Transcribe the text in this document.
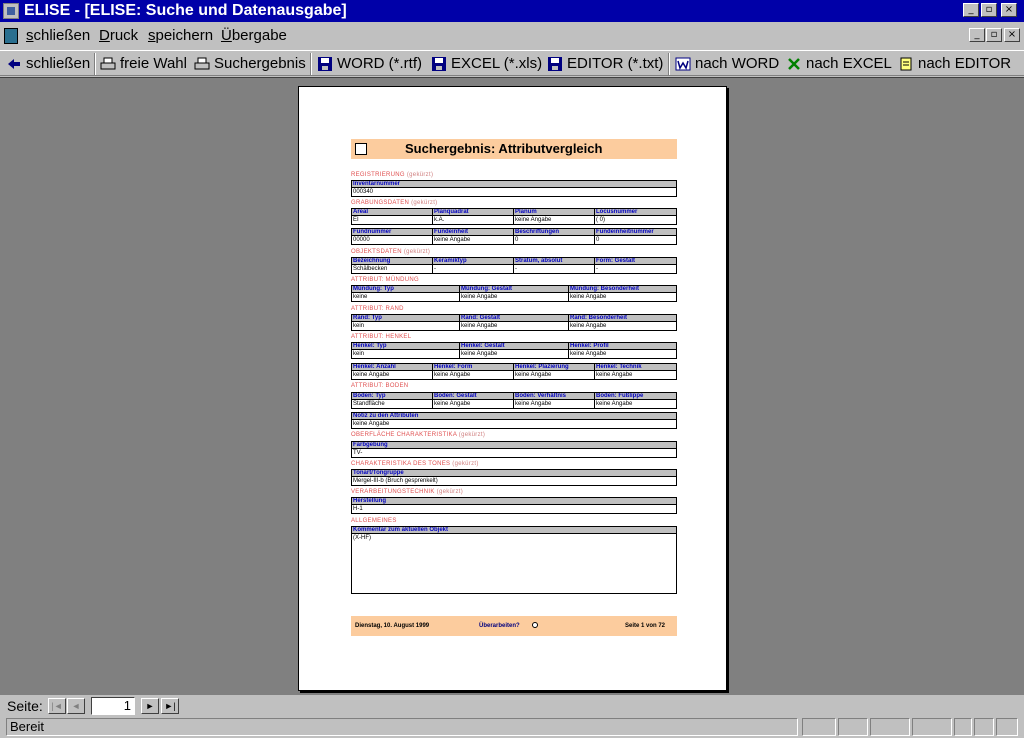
ELISE - [ELISE: Suche und Datenausgabe]	_	▫	×
schließen Druck speichern Übergabe	_	▫	×
schließen freie Wahl Suchergebnis WORD (*.rtf) EXCEL (*.xls) EDITOR (*.txt) nach WORD nach EXCEL nach EDITOR
Suchergebnis: Attributvergleich
REGISTRIERUNG (gekürzt)
Inventarnummer
000340
GRABUNGSDATEN (gekürzt)
Areal	Planquadrat	Planum	Locusnummer
EI	k.A.	keine Angabe	( 0)
Fundnummer	Fundeinheit	Beschriftungen	Fundeinheitnummer
00000	keine Angabe	0	0
OBJEKTSDATEN (gekürzt)
Bezeichnung	Keramiktyp	Stratum, absolut	Form: Gestalt
Schälbecken	-	-	-
ATTRIBUT: MÜNDUNG
Mündung: Typ	Mündung: Gestalt	Mündung: Besonderheit
keine	keine Angabe	keine Angabe
ATTRIBUT: RAND
Rand: Typ	Rand: Gestalt	Rand: Besonderheit
kein	keine Angabe	keine Angabe
ATTRIBUT: HENKEL
Henkel: Typ	Henkel: Gestalt	Henkel: Profil
kein	keine Angabe	keine Angabe
Henkel: Anzahl	Henkel: Form	Henkel: Plazierung	Henkel: Technik
keine Angabe	keine Angabe	keine Angabe	keine Angabe
ATTRIBUT: BODEN
Boden: Typ	Boden: Gestalt	Boden: Verhältnis	Boden: Fußlippe
Standfläche	keine Angabe	keine Angabe	keine Angabe
Notiz zu den Attributen
keine Angabe
OBERFLÄCHE CHARAKTERISTIKA (gekürzt)
Farbgebung
TV-
CHARAKTERISTIKA DES TONES (gekürzt)
Tonart/Tongruppe
Mergel-III-b (Bruch gesprenkelt)
VERARBEITUNGSTECHNIK (gekürzt)
Herstellung
H-1
ALLGEMEINES
Kommentar zum aktuellen Objekt
(X-HF)
Dienstag, 10. August 1999	Überarbeiten?	Seite 1 von 72
Seite: |◄ ◄	1	►	►|
Bereit
